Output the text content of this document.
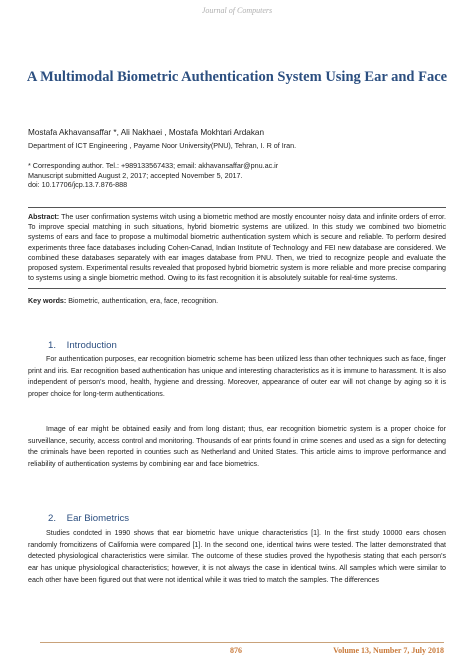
Journal of Computers
A Multimodal Biometric Authentication System Using Ear and Face
Mostafa Akhavansaffar *, Ali Nakhaei , Mostafa Mokhtari Ardakan
Department of ICT Engineering , Payame Noor University(PNU), Tehran, I. R of Iran.
* Corresponding author. Tel.: +989133567433; email: akhavansaffar@pnu.ac.ir
Manuscript submitted August 2, 2017; accepted November 5, 2017.
doi: 10.17706/jcp.13.7.876-888
Abstract: The user confirmation systems witch using a biometric method are mostly encounter noisy data and infinite orders of error. To improve special matching in such situations, hybrid biometric systems are utilized. In this study we combined two biometric systems of ears and face to propose a multimodal biometric authentication system which is secure and reliable. To perform desired experiments three face databases including Cohen-Canad, Indian Institute of Technology and FEI new database are considered. We combined these databases separately with ear images database from PNU. Then, we tried to recognize people and evaluate the proposed system. Experimental results revealed that proposed hybrid biometric system is more reliable and more precise comparing to systems using a single biometric method. Owing to its fast recognition it is absolutely suitable for real-time systems.
Key words: Biometric, authentication, era, face, recognition.
1. Introduction
For authentication purposes, ear recognition biometric scheme has been utilized less than other techniques such as face, finger print and iris. Ear recognition based authentication has unique and interesting characteristics as it is immune to harassment. It is also independent of person's mood, health, hygiene and dressing. Moreover, appearance of outer ear will not change by aging so it is proper choice for long-term authentications.
Image of ear might be obtained easily and from long distant; thus, ear recognition biometric system is a proper choice for surveillance, security, access control and monitoring. Thousands of ear prints found in crime scenes and used as a sign for detecting the criminals have been reported in counties such as Netherland and United States. This article aims to improve performance and reliability of authentication systems by combining ear and face biometrics.
2. Ear Biometrics
Studies condcted in 1990 shows that ear biometric have unique characteristics [1]. In the first study 10000 ears chosen randomly fromcitizens of California were compared [1]. In the second one, identical twins were tested. The latter demonstrated that detected physiological characteristics were similar. The outcome of these studies proved the hypothesis stating that each person's ear has unique physiological characteristics; however, it is not always the case in identical twins. All samples which were similar to each other have been figured out that were not identical while it was tried to match the samples. The differences
876	Volume 13, Number 7, July 2018
